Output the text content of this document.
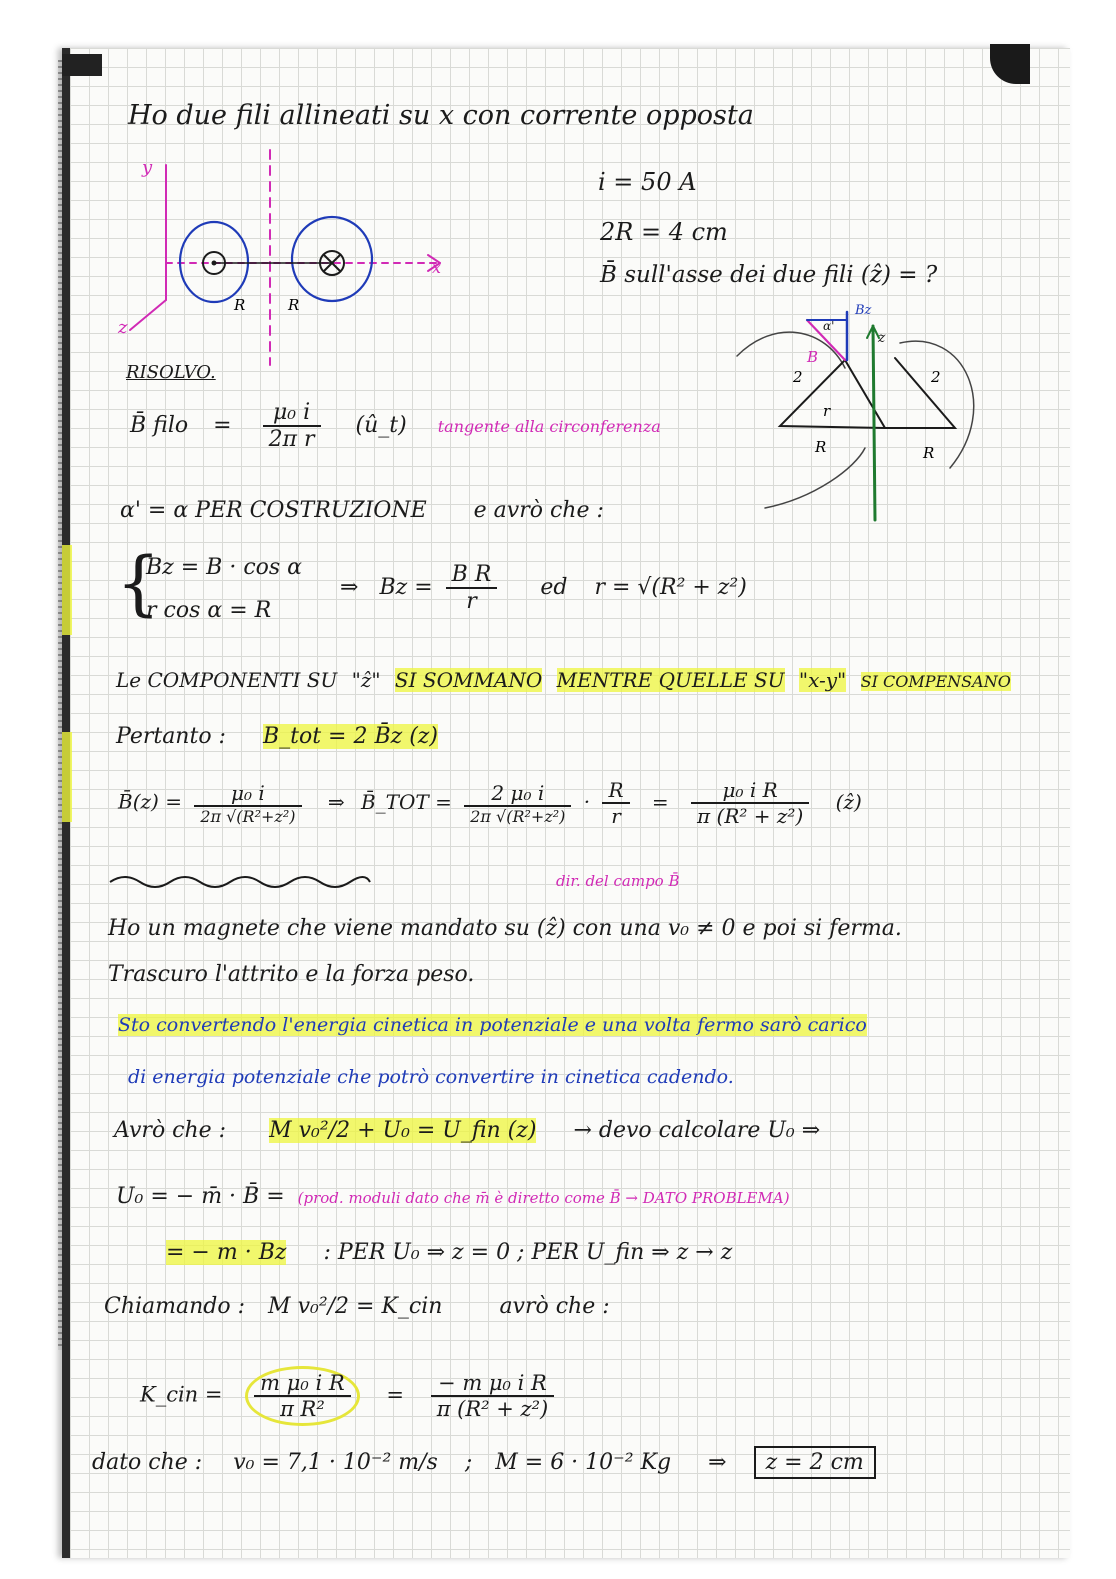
Ho due fili allineati su x con corrente opposta
y
z
x
R	R
i = 50 A
2R = 4 cm
B̄ sull'asse dei due fili (ẑ) = ?
Bz
B
z
α'
r
2	2
R	R
RISOLVO.
B̄ filo = $\frac{\text{μ₀ i}}{\text{2π r}}$ (û_t) tangente alla circonferenza
α' = α PER COSTRUZIONE e avrò che :
{
Bz = B · cos α
r cos α = R
⇒ $Bz = \frac{\text{B R}}{r}$ ed r = √(R² + z²)
Le COMPONENTI SU "ẑ" SI SOMMANO MENTRE QUELLE SU "x-y" SI COMPENSANO
Pertanto : B_tot = 2 B̄z (z)
B̄(z) = $\frac{\text{μ₀ i}}{\text{2π √(R²+z²)}}$ ⇒ B̄_TOT = $\frac{\text{2 μ₀ i}}{\text{2π √(R²+z²)}} \cdot \frac{R}{r} = \frac{\text{μ₀ i R}}{\text{π (R² + z²)}}$ (ẑ)
dir. del campo B̄
Ho un magnete che viene mandato su (ẑ) con una v₀ ≠ 0 e poi si ferma.
Trascuro l'attrito e la forza peso.
Sto convertendo l'energia cinetica in potenziale e una volta fermo sarò carico
di energia potenziale che potrò convertire in cinetica cadendo.
Avrò che : M v₀²/2 + U₀ = U_fin (z) → devo calcolare U₀ ⇒
U₀ = − m̄ · B̄ = (prod. moduli dato che m̄ è diretto come B̄ → DATO PROBLEMA)
= − m · Bz : PER U₀ ⇒ z = 0 ; PER U_fin ⇒ z → z
Chiamando : M v₀²/2 = K_cin	avrò che :
K_cin = $\frac{\text{m μ₀ i R}}{\text{π R²}} = \frac{\text{− m μ₀ i R}}{\text{π (R² + z²)}}$
dato che : v₀ = 7,1 · 10⁻² m/s ; M = 6 · 10⁻² Kg ⇒ z = 2 cm
